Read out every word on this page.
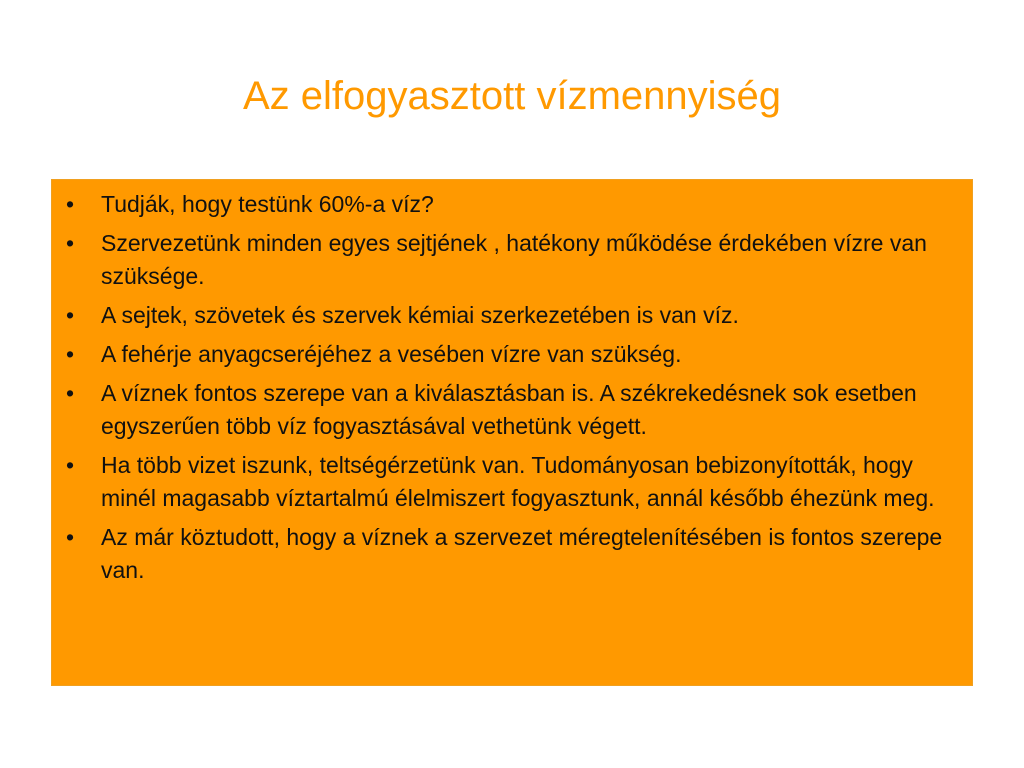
Az elfogyasztott vízmennyiség
•	Tudják, hogy testünk 60%-a víz?
•	Szervezetünk minden egyes sejtjének , hatékony működése érdekében vízre van szüksége.
•	A sejtek, szövetek és szervek kémiai szerkezetében is van víz.
•	A fehérje anyagcseréjéhez a vesében vízre van szükség.
•	A víznek fontos szerepe van a kiválasztásban is. A székrekedésnek sok esetben egyszerűen több víz fogyasztásával vethetünk végett.
•	Ha több vizet iszunk, teltségérzetünk van. Tudományosan bebizonyították, hogy minél magasabb víztartalmú élelmiszert fogyasztunk, annál később éhezünk meg.
•	Az már köztudott, hogy a víznek a szervezet méregtelenítésében is fontos szerepe van.
